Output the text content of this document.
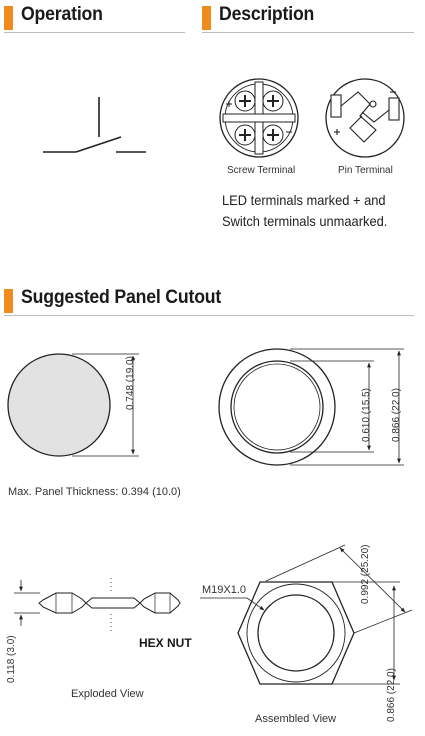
Operation	Description
Suggested Panel Cutout
Screw Terminal	Pin Terminal
LED terminals marked + and
Switch terminals unmaarked.
0.748 (19.0)
0.610 (15.5) 0.866 (22.0)
Max. Panel Thickness: 0.394 (10.0)
0.118 (3.0)	HEX NUT
Exploded View
M19X1.0
0.866 (22.0)
0.992 (25.20)
Assembled View
